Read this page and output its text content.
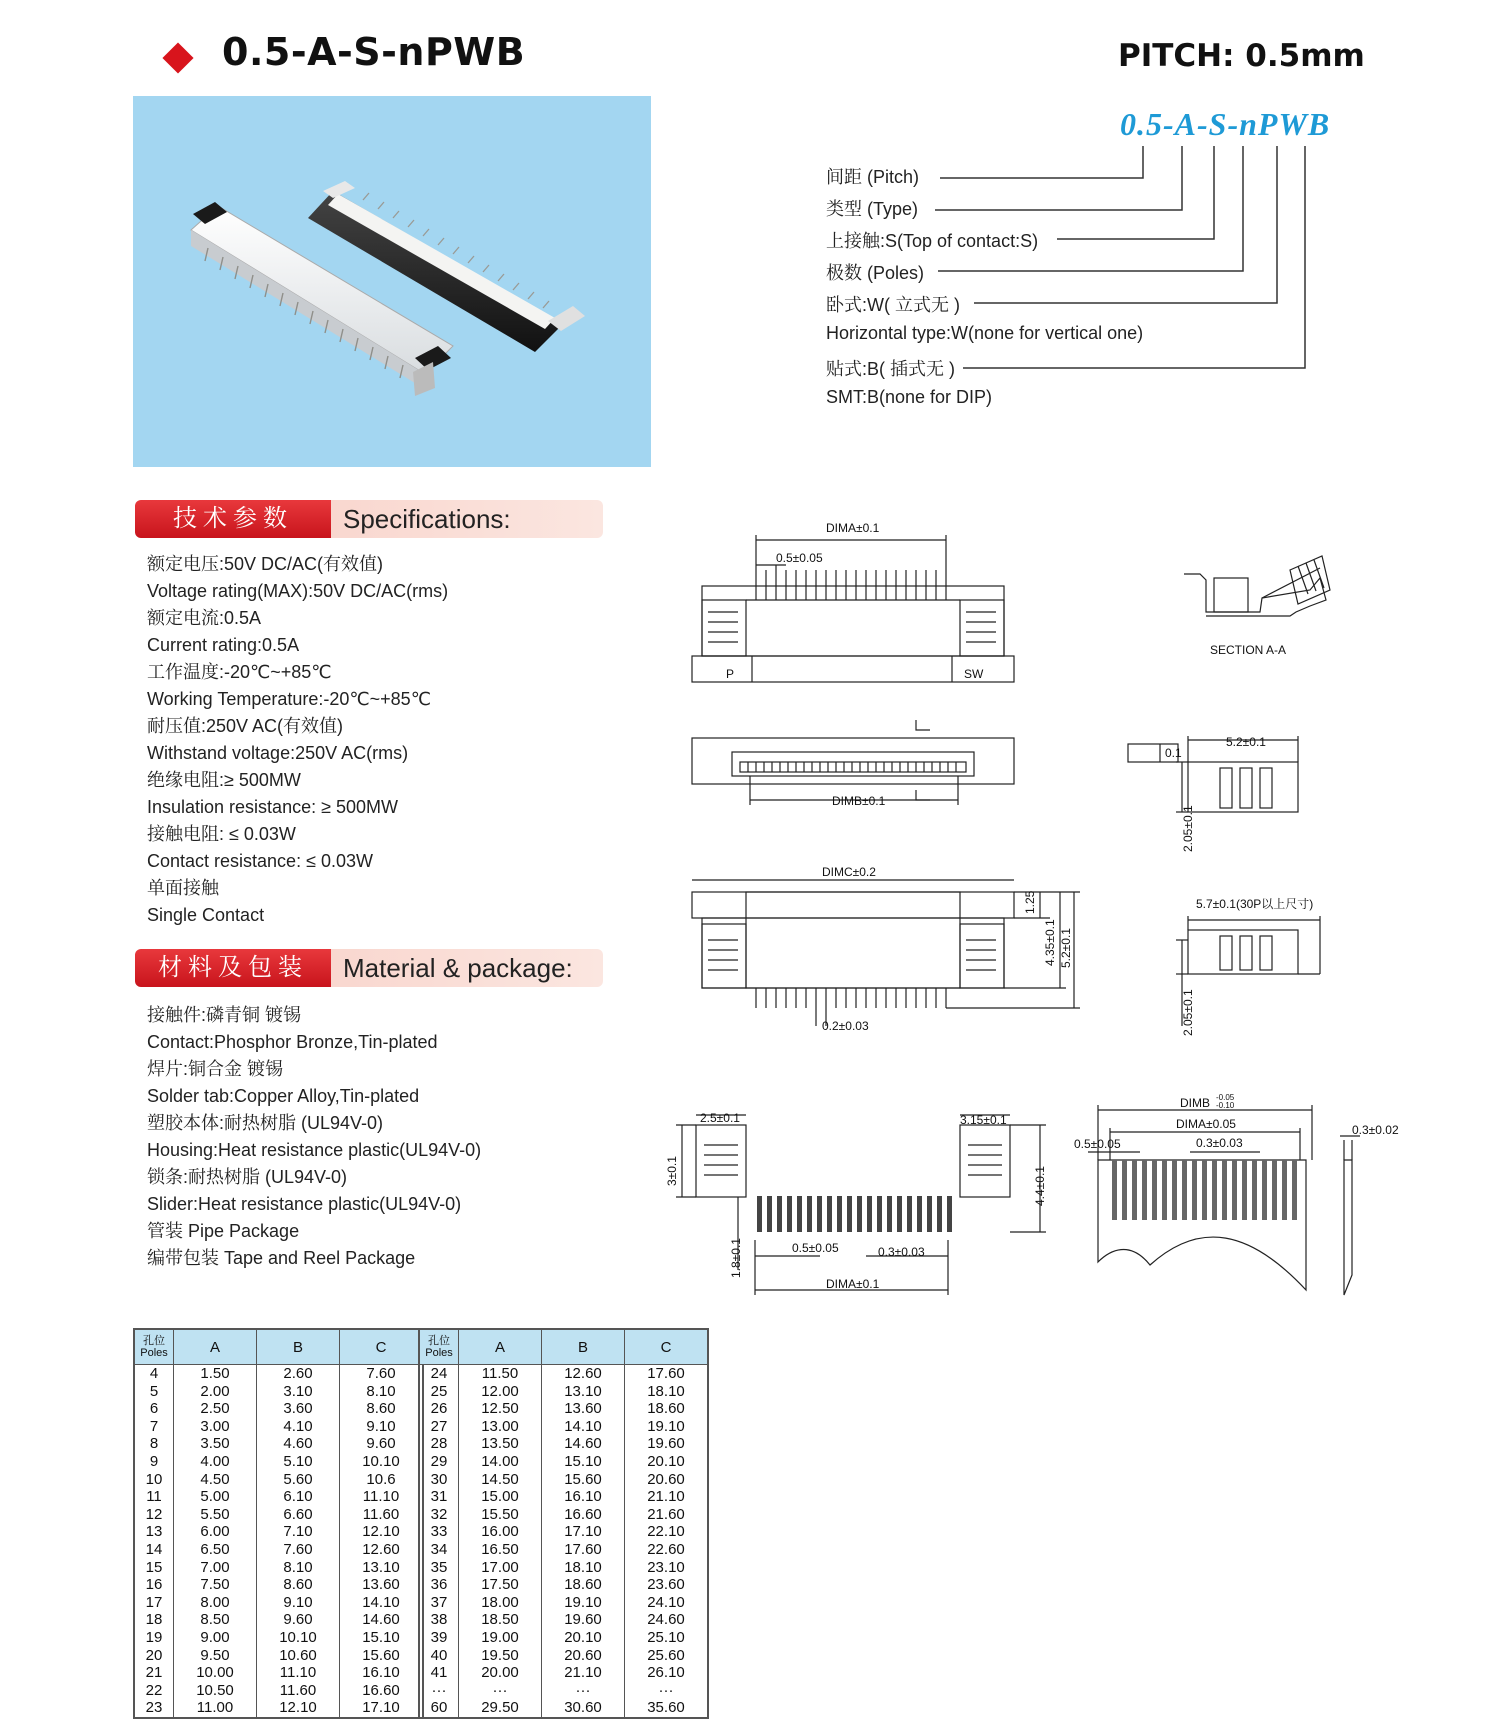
0.5-A-S-nPWB	PITCH: 0.5mm
0.5-A-S-nPWB
间距 (Pitch)
类型 (Type)
上接触:S(Top of contact:S)
极数 (Poles)
卧式:W( 立式无 )
Horizontal type:W(none for vertical one)
贴式:B( 插式无 )
SMT:B(none for DIP)
技术参数	Specifications:
额定电压:50V DC/AC(有效值)
Voltage rating(MAX):50V DC/AC(rms)
额定电流:0.5A
Current rating:0.5A
工作温度:-20℃~+85℃
Working Temperature:-20℃~+85℃
耐压值:250V AC(有效值)
Withstand voltage:250V AC(rms)
绝缘电阻:≥ 500MW
Insulation resistance: ≥ 500MW
接触电阻: ≤ 0.03W
Contact resistance: ≤ 0.03W
单面接触
Single Contact
材料及包装	Material & package:
接触件:磷青铜 镀锡
Contact:Phosphor Bronze,Tin-plated
焊片:铜合金 镀锡
Solder tab:Copper Alloy,Tin-plated
塑胶本体:耐热树脂 (UL94V-0)
Housing:Heat resistance plastic(UL94V-0)
锁条:耐热树脂 (UL94V-0)
Slider:Heat resistance plastic(UL94V-0)
管装 Pipe Package
编带包装 Tape and Reel Package
DIMA±0.1
0.5±0.05
P	SW
SECTION A-A
DIMB±0.1
0.1
5.2±0.1
2.05±0.1
DIMC±0.2
1.25
4.35±0.1 5.2±0.1
0.2±0.03
5.7±0.1(30P以上尺寸)
2.05±0.1
2.5±0.1	3.15±0.1
3±0.1	4.4±0.1
1.8±0.1	0.5±0.05	0.3±0.03
DIMA±0.1
DIMB -0.05
-0.10
DIMA±0.05
0.5±0.05	0.3±0.03
0.3±0.02
孔位
Poles	A	B	C
4	1.50	2.60	7.60
5	2.00	3.10	8.10
6	2.50	3.60	8.60
7	3.00	4.10	9.10
8	3.50	4.60	9.60
9	4.00	5.10	10.10
10	4.50	5.60	10.6
11	5.00	6.10	11.10
12	5.50	6.60	11.60
13	6.00	7.10	12.10
14	6.50	7.60	12.60
15	7.00	8.10	13.10
16	7.50	8.60	13.60
17	8.00	9.10	14.10
18	8.50	9.60	14.60
19	9.00	10.10	15.10
20	9.50	10.60	15.60
21	10.00	11.10	16.10
22	10.50	11.60	16.60
23	11.00	12.10	17.10
孔位
Poles	A	B	C
24	11.50	12.60	17.60
25	12.00	13.10	18.10
26	12.50	13.60	18.60
27	13.00	14.10	19.10
28	13.50	14.60	19.60
29	14.00	15.10	20.10
30	14.50	15.60	20.60
31	15.00	16.10	21.10
32	15.50	16.60	21.60
33	16.00	17.10	22.10
34	16.50	17.60	22.60
35	17.00	18.10	23.10
36	17.50	18.60	23.60
37	18.00	19.10	24.10
38	18.50	19.60	24.60
39	19.00	20.10	25.10
40	19.50	20.60	25.60
41	20.00	21.10	26.10
···	···	···	···
60	29.50	30.60	35.60
